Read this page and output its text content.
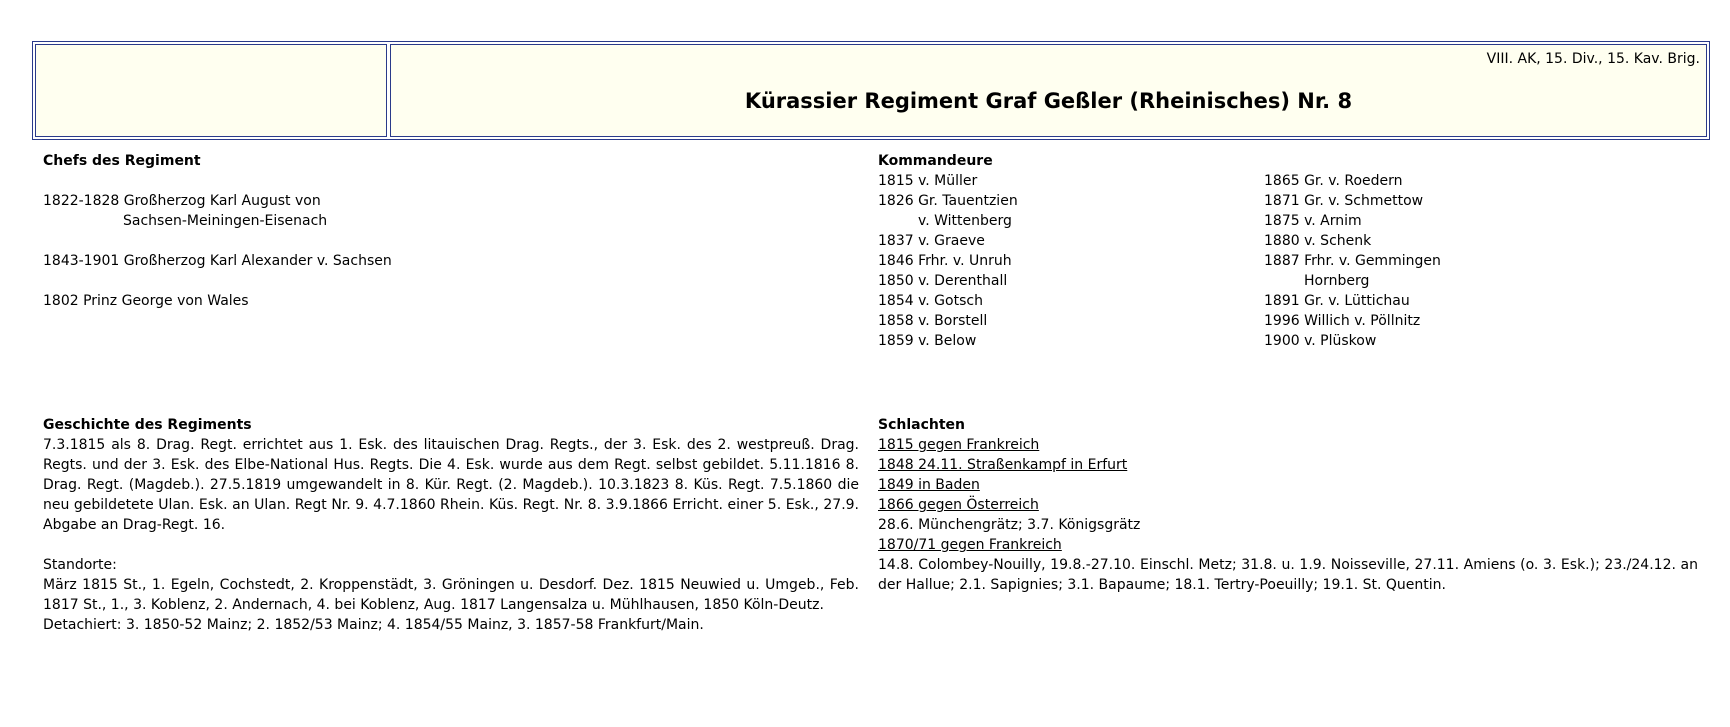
VIII. AK, 15. Div., 15. Kav. Brig.
Kürassier Regiment Graf Geßler (Rheinisches) Nr. 8
Chefs des Regiment
1822-1828 Großherzog Karl August von
Sachsen-Meiningen-Eisenach
1843-1901 Großherzog Karl Alexander v. Sachsen
1802 Prinz George von Wales
Kommandeure
1815 v. Müller
1826 Gr. Tauentzien
v. Wittenberg
1837 v. Graeve
1846 Frhr. v. Unruh
1850 v. Derenthall
1854 v. Gotsch
1858 v. Borstell
1859 v. Below
1865 Gr. v. Roedern
1871 Gr. v. Schmettow
1875 v. Arnim
1880 v. Schenk
1887 Frhr. v. Gemmingen
Hornberg
1891 Gr. v. Lüttichau
1996 Willich v. Pöllnitz
1900 v. Plüskow
Geschichte des Regiments
7.3.1815 als 8. Drag. Regt. errichtet aus 1. Esk. des litauischen Drag. Regts., der 3. Esk. des 2. westpreuß. Drag. Regts. und der 3. Esk. des Elbe-National Hus. Regts. Die 4. Esk. wurde aus dem Regt. selbst gebildet. 5.11.1816 8. Drag. Regt. (Magdeb.). 27.5.1819 umgewandelt in 8. Kür. Regt. (2. Magdeb.). 10.3.1823 8. Küs. Regt. 7.5.1860 die neu gebildetete Ulan. Esk. an Ulan. Regt Nr. 9. 4.7.1860 Rhein. Küs. Regt. Nr. 8. 3.9.1866 Erricht. einer 5. Esk., 27.9. Abgabe an Drag-Regt. 16.
Standorte:
März 1815 St., 1. Egeln, Cochstedt, 2. Kroppenstädt, 3. Gröningen u. Desdorf. Dez. 1815 Neuwied u. Umgeb., Feb. 1817 St., 1., 3. Koblenz, 2. Andernach, 4. bei Koblenz, Aug. 1817 Langensalza u. Mühlhausen, 1850 Köln-Deutz.
Detachiert: 3. 1850-52 Mainz; 2. 1852/53 Mainz; 4. 1854/55 Mainz, 3. 1857-58 Frankfurt/Main.
Schlachten
1815 gegen Frankreich
1848 24.11. Straßenkampf in Erfurt
1849 in Baden
1866 gegen Österreich
28.6. Münchengrätz; 3.7. Königsgrätz
1870/71 gegen Frankreich
14.8. Colombey-Nouilly, 19.8.-27.10. Einschl. Metz; 31.8. u. 1.9. Noisseville, 27.11. Amiens (o. 3. Esk.); 23./24.12. an der Hallue; 2.1. Sapignies; 3.1. Bapaume; 18.1. Tertry-Poeuilly; 19.1. St. Quentin.
